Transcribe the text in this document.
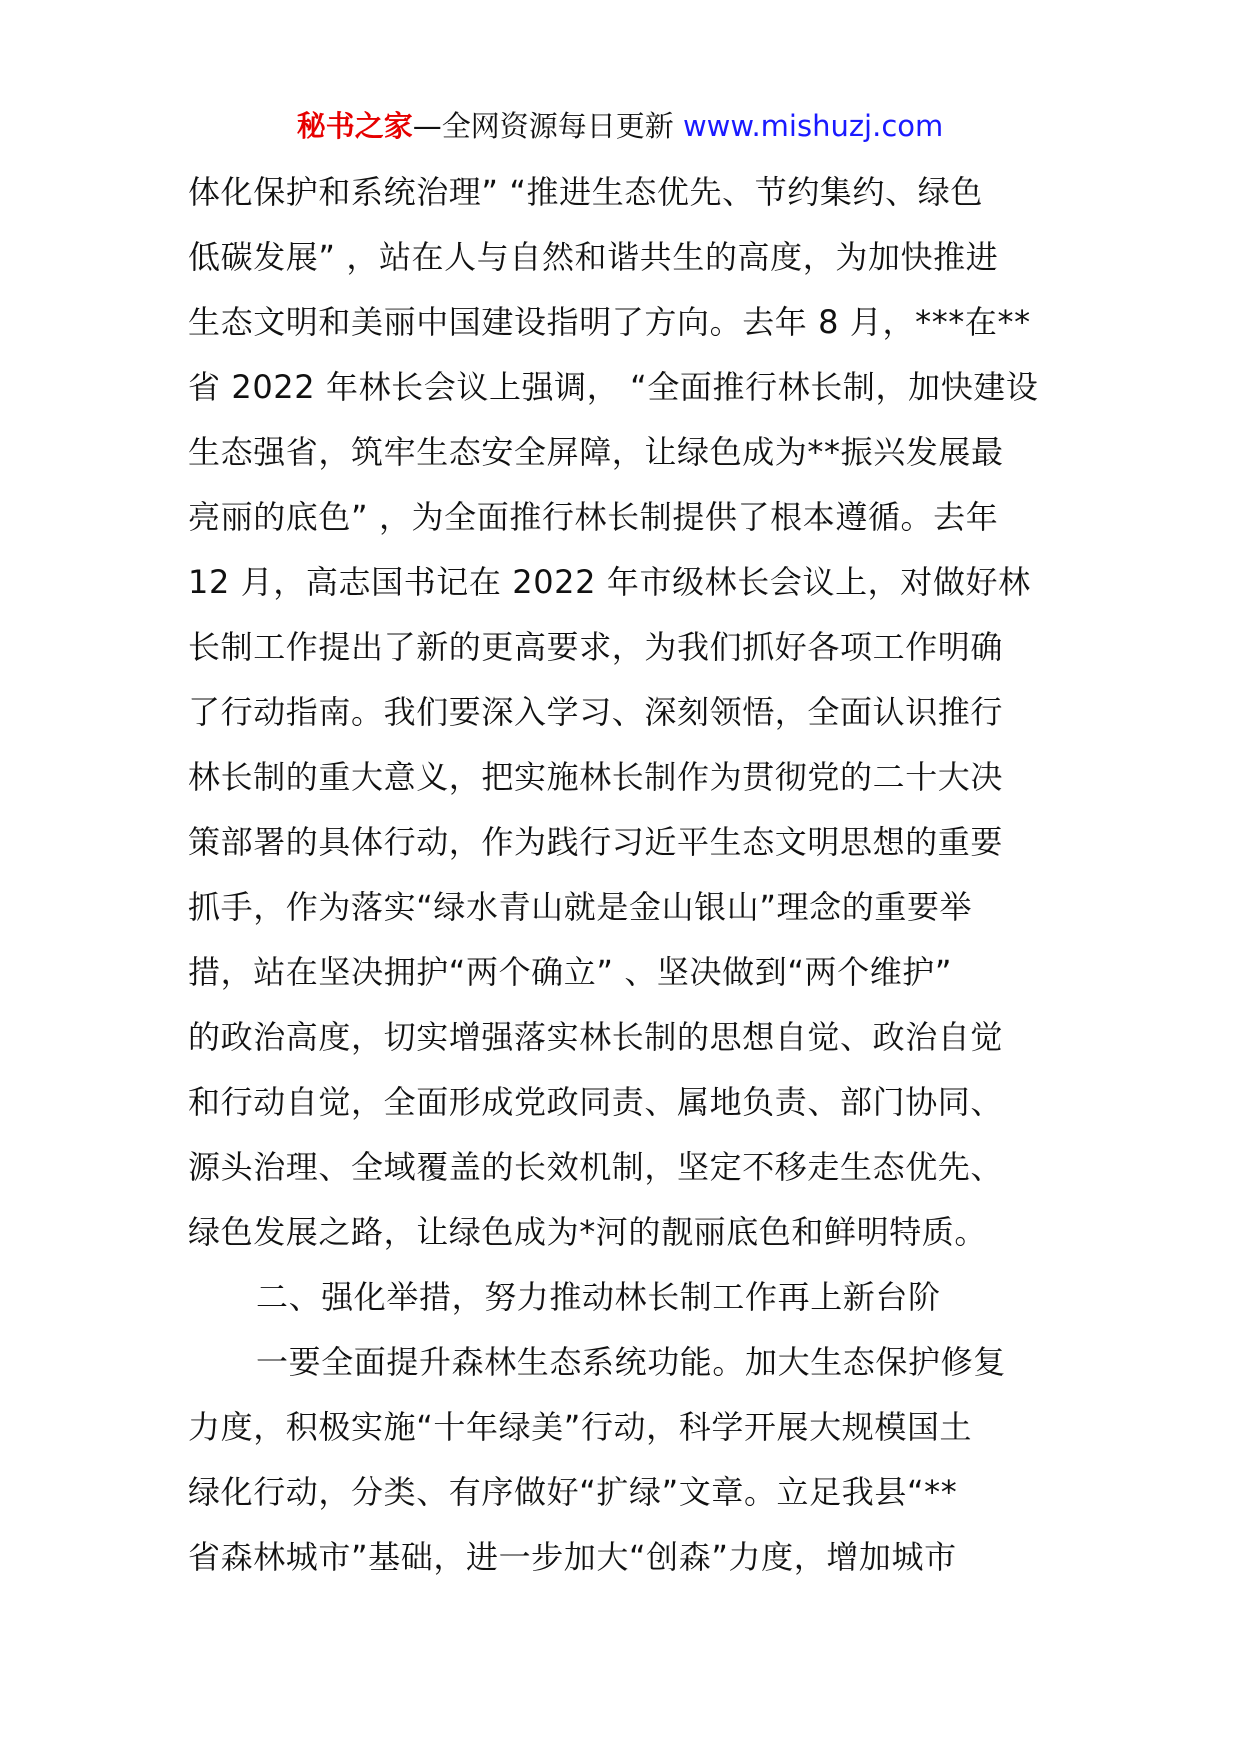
秘书之家—全网资源每日更新 www.mishuzj.com
体化保护和系统治理” “推进生态优先、节约集约、绿色
低碳发展” ，站在人与自然和谐共生的高度，为加快推进
生态文明和美丽中国建设指明了方向。去年 8 月，***在**
省 2022 年林长会议上强调， “全面推行林长制，加快建设
生态强省，筑牢生态安全屏障，让绿色成为**振兴发展最
亮丽的底色” ，为全面推行林长制提供了根本遵循。去年
12 月，高志国书记在 2022 年市级林长会议上，对做好林
长制工作提出了新的更高要求，为我们抓好各项工作明确
了行动指南。我们要深入学习、深刻领悟，全面认识推行
林长制的重大意义，把实施林长制作为贯彻党的二十大决
策部署的具体行动，作为践行习近平生态文明思想的重要
抓手，作为落实“绿水青山就是金山银山”理念的重要举
措，站在坚决拥护“两个确立” 、坚决做到“两个维护”
的政治高度，切实增强落实林长制的思想自觉、政治自觉
和行动自觉，全面形成党政同责、属地负责、部门协同、
源头治理、全域覆盖的长效机制，坚定不移走生态优先、
绿色发展之路，让绿色成为*河的靓丽底色和鲜明特质。
二、强化举措，努力推动林长制工作再上新台阶
一要全面提升森林生态系统功能。加大生态保护修复
力度，积极实施“十年绿美”行动，科学开展大规模国土
绿化行动，分类、有序做好“扩绿”文章。立足我县“**
省森林城市”基础，进一步加大“创森”力度，增加城市
